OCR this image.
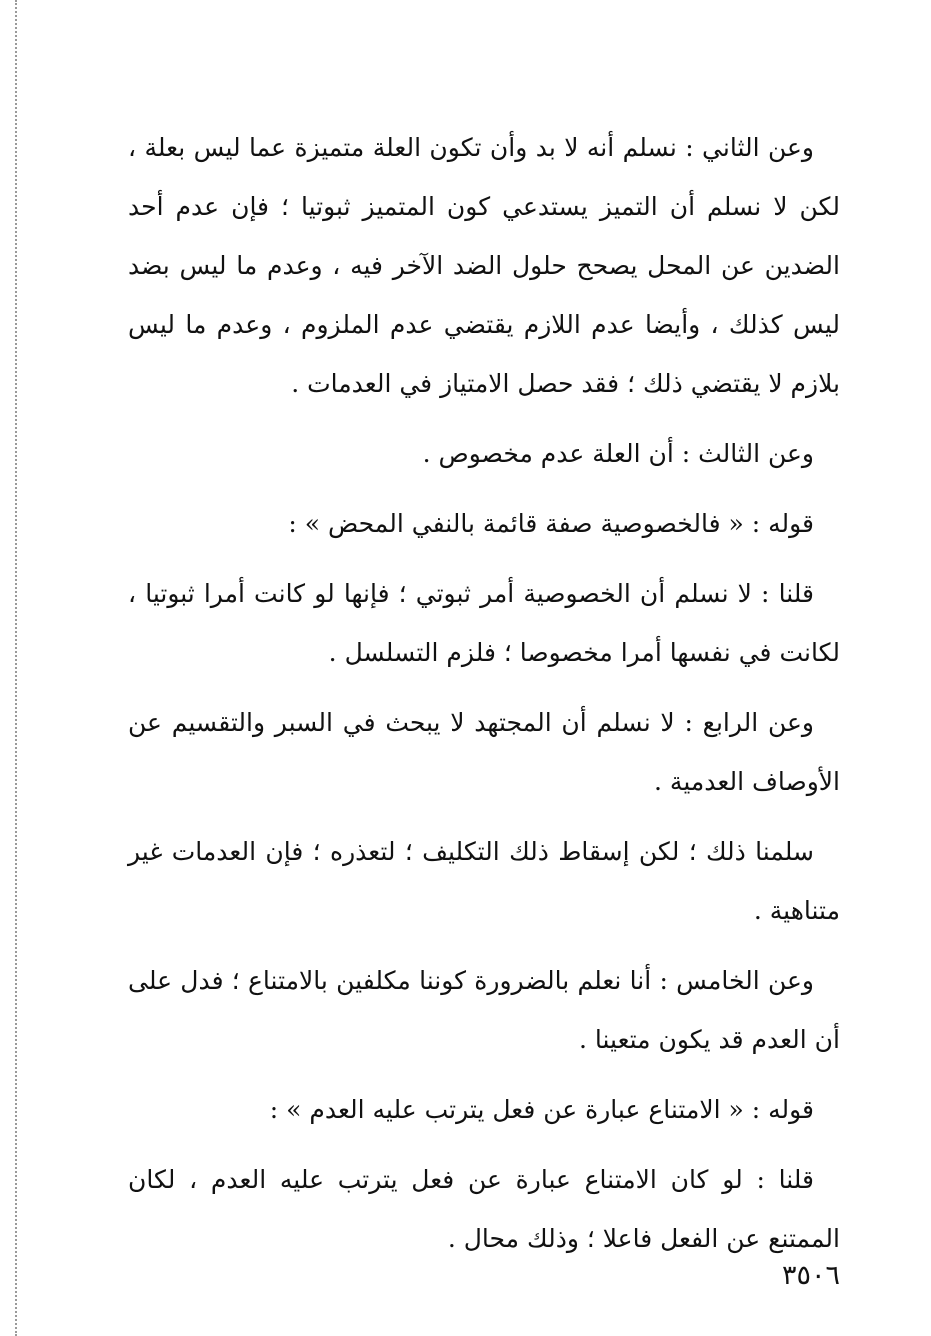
وعن الثاني : نسلم أنه لا بد وأن تكون العلة متميزة عما ليس بعلة ، لكن لا نسلم أن التميز يستدعي كون المتميز ثبوتيا ؛ فإن عدم أحد الضدين عن المحل يصحح حلول الضد الآخر فيه ، وعدم ما ليس بضد ليس كذلك ، وأيضا عدم اللازم يقتضي عدم الملزوم ، وعدم ما ليس بلازم لا يقتضي ذلك ؛ فقد حصل الامتياز في العدمات .

وعن الثالث : أن العلة عدم مخصوص .

قوله : « فالخصوصية صفة قائمة بالنفي المحض » :

قلنا : لا نسلم أن الخصوصية أمر ثبوتي ؛ فإنها لو كانت أمرا ثبوتيا ، لكانت في نفسها أمرا مخصوصا ؛ فلزم التسلسل .

وعن الرابع : لا نسلم أن المجتهد لا يبحث في السبر والتقسيم عن الأوصاف العدمية .

سلمنا ذلك ؛ لكن إسقاط ذلك التكليف ؛ لتعذره ؛ فإن العدمات غير متناهية .

وعن الخامس : أنا نعلم بالضرورة كوننا مكلفين بالامتناع ؛ فدل على أن العدم قد يكون متعينا .

قوله : « الامتناع عبارة عن فعل يترتب عليه العدم » :

قلنا : لو كان الامتناع عبارة عن فعل يترتب عليه العدم ، لكان الممتنع عن الفعل فاعلا ؛ وذلك محال .

٣٥٠٦
